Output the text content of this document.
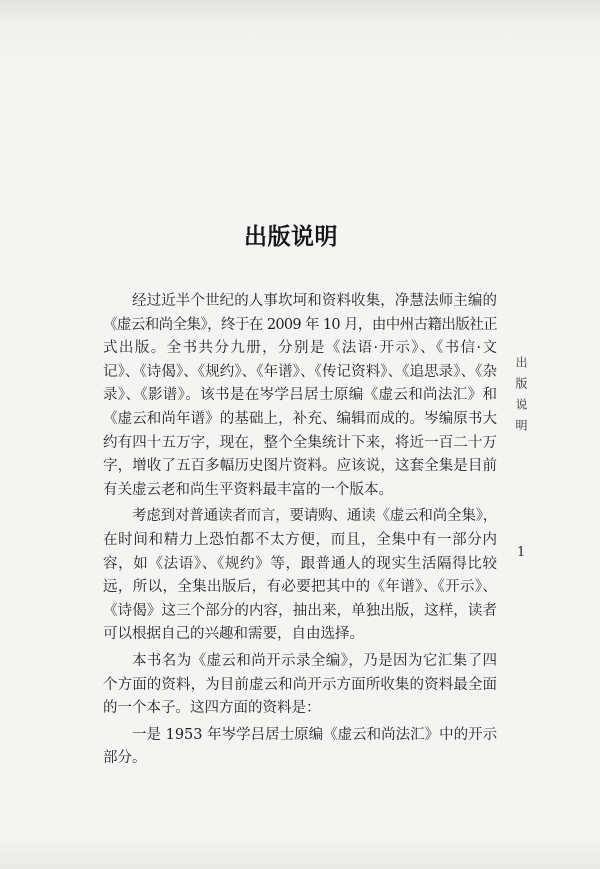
出版说明
经过近半个世纪的人事坎坷和资料收集，净慧法师主编的
《虚云和尚全集》，终于在 2009 年 10 月，由中州古籍出版社正
式出版。全书共分九册，分别是《法语·开示》、《书信·文
记》、《诗偈》、《规约》、《年谱》、《传记资料》、《追思录》、《杂
录》、《影谱》。该书是在岑学吕居士原编《虚云和尚法汇》和
《虚云和尚年谱》的基础上，补充、编辑而成的。岑编原书大
约有四十五万字，现在，整个全集统计下来，将近一百二十万
字，增收了五百多幅历史图片资料。应该说，这套全集是目前
有关虚云老和尚生平资料最丰富的一个版本。
考虑到对普通读者而言，要请购、通读《虚云和尚全集》，
在时间和精力上恐怕都不太方便，而且，全集中有一部分内
容，如《法语》、《规约》等，跟普通人的现实生活隔得比较
远，所以，全集出版后，有必要把其中的《年谱》、《开示》、
《诗偈》这三个部分的内容，抽出来，单独出版，这样，读者
可以根据自己的兴趣和需要，自由选择。
本书名为《虚云和尚开示录全编》，乃是因为它汇集了四
个方面的资料，为目前虚云和尚开示方面所收集的资料最全面
的一个本子。这四方面的资料是：
一是 1953 年岑学吕居士原编《虚云和尚法汇》中的开示
部分。
出版说明
1
